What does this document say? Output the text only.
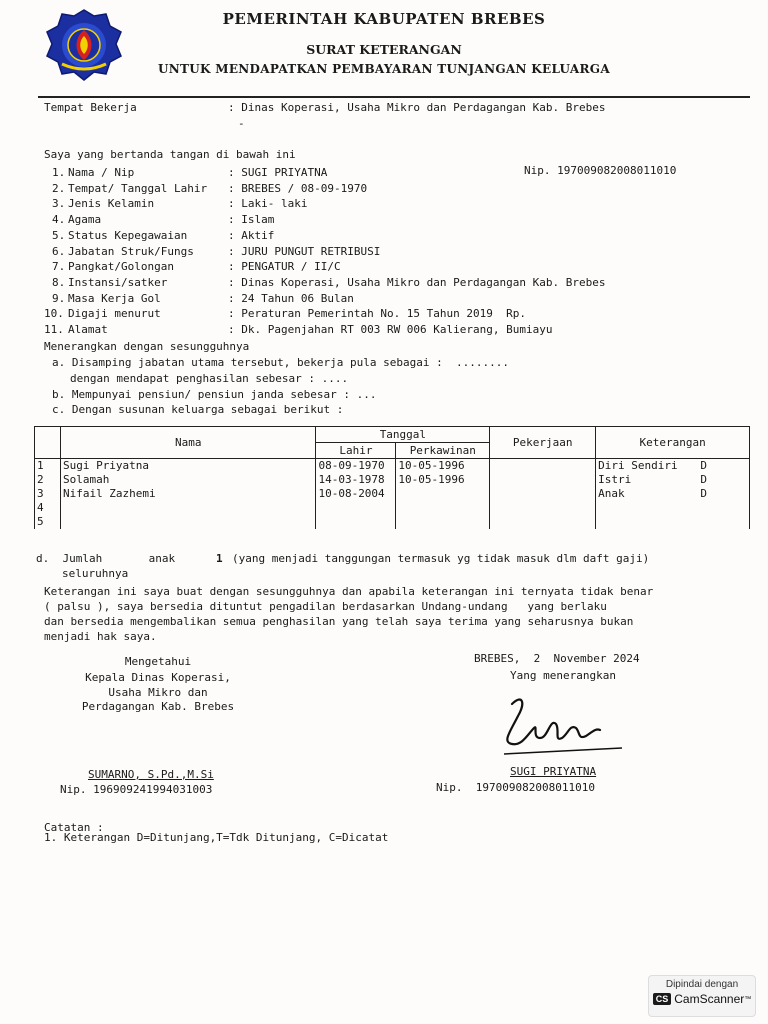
PEMERINTAH KABUPATEN BREBES
SURAT KETERANGAN
UNTUK MENDAPATKAN PEMBAYARAN TUNJANGAN KELUARGA
Tempat Bekerja	: Dinas Koperasi, Usaha Mikro dan Perdagangan Kab. Brebes
-
Saya yang bertanda tangan di bawah ini
1. Nama / Nip	: SUGI PRIYATNA
2. Tempat/ Tanggal Lahir : BREBES / 08-09-1970
3. Jenis Kelamin	: Laki- laki
4. Agama	: Islam
5. Status Kepegawaian	: Aktif
6. Jabatan Struk/Fungs	: JURU PUNGUT RETRIBUSI
7. Pangkat/Golongan	: PENGATUR / II/C
8. Instansi/satker	: Dinas Koperasi, Usaha Mikro dan Perdagangan Kab. Brebes
9. Masa Kerja Gol	: 24 Tahun 06 Bulan
10. Digaji menurut	: Peraturan Pemerintah No. 15 Tahun 2019  Rp.
11. Alamat	: Dk. Pagenjahan RT 003 RW 006 Kalierang, Bumiayu
Nip. 197009082008011010
Menerangkan dengan sesungguhnya
a. Disamping jabatan utama tersebut, bekerja pula sebagai :  ........
dengan mendapat penghasilan sebesar : ....
b. Mempunyai pensiun/ pensiun janda sebesar : ...
c. Dengan susunan keluarga sebagai berikut :
	Nama	Tanggal		Pekerjaan	Keterangan
		Lahir	Perkawinan		
1	Sugi Priyatna	08-09-1970	10-05-1996		Diri Sendiri D

2	Solamah	14-03-1978	10-05-1996		Istri D

3	Nifail Zazhemi	10-08-2004			Anak D

4					

5					
d.  Jumlah       anak	1 (yang menjadi tanggungan termasuk yg tidak masuk dlm daft gaji)
seluruhnya
Keterangan ini saya buat dengan sesungguhnya dan apabila keterangan ini ternyata tidak benar
( palsu ), saya bersedia dituntut pengadilan berdasarkan Undang-undang   yang berlaku
dan bersedia mengembalikan semua penghasilan yang telah saya terima yang seharusnya bukan
menjadi hak saya.
Mengetahui
Kepala Dinas Koperasi,
Usaha Mikro dan
Perdagangan Kab. Brebes
SUMARNO, S.Pd.,M.Si
Nip. 196909241994031003
BREBES,  2  November 2024
Yang menerangkan
SUGI PRIYATNA
Nip.  197009082008011010
Catatan :
1. Keterangan D=Ditunjang,T=Tdk Ditunjang, C=Dicatat
Dipindai dengan
CS CamScanner ™
